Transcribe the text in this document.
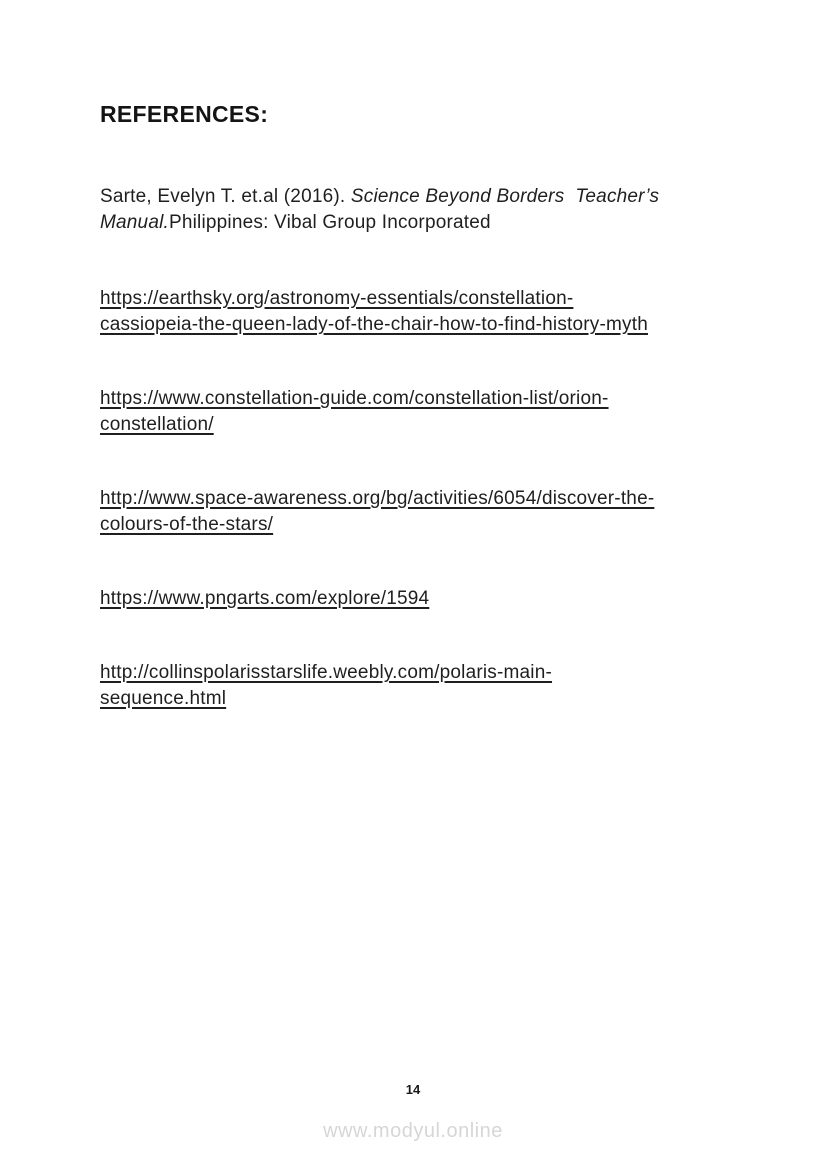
REFERENCES:

Sarte, Evelyn T. et.al (2016). Science Beyond Borders  Teacher’s
Manual.Philippines: Vibal Group Incorporated

https://earthsky.org/astronomy-essentials/constellation-
cassiopeia-the-queen-lady-of-the-chair-how-to-find-history-myth
https://www.constellation-guide.com/constellation-list/orion-
constellation/
http://www.space-awareness.org/bg/activities/6054/discover-the-
colours-of-the-stars/
https://www.pngarts.com/explore/1594
http://collinspolarisstarslife.weebly.com/polaris-main-
sequence.html
14
www.modyul.online
